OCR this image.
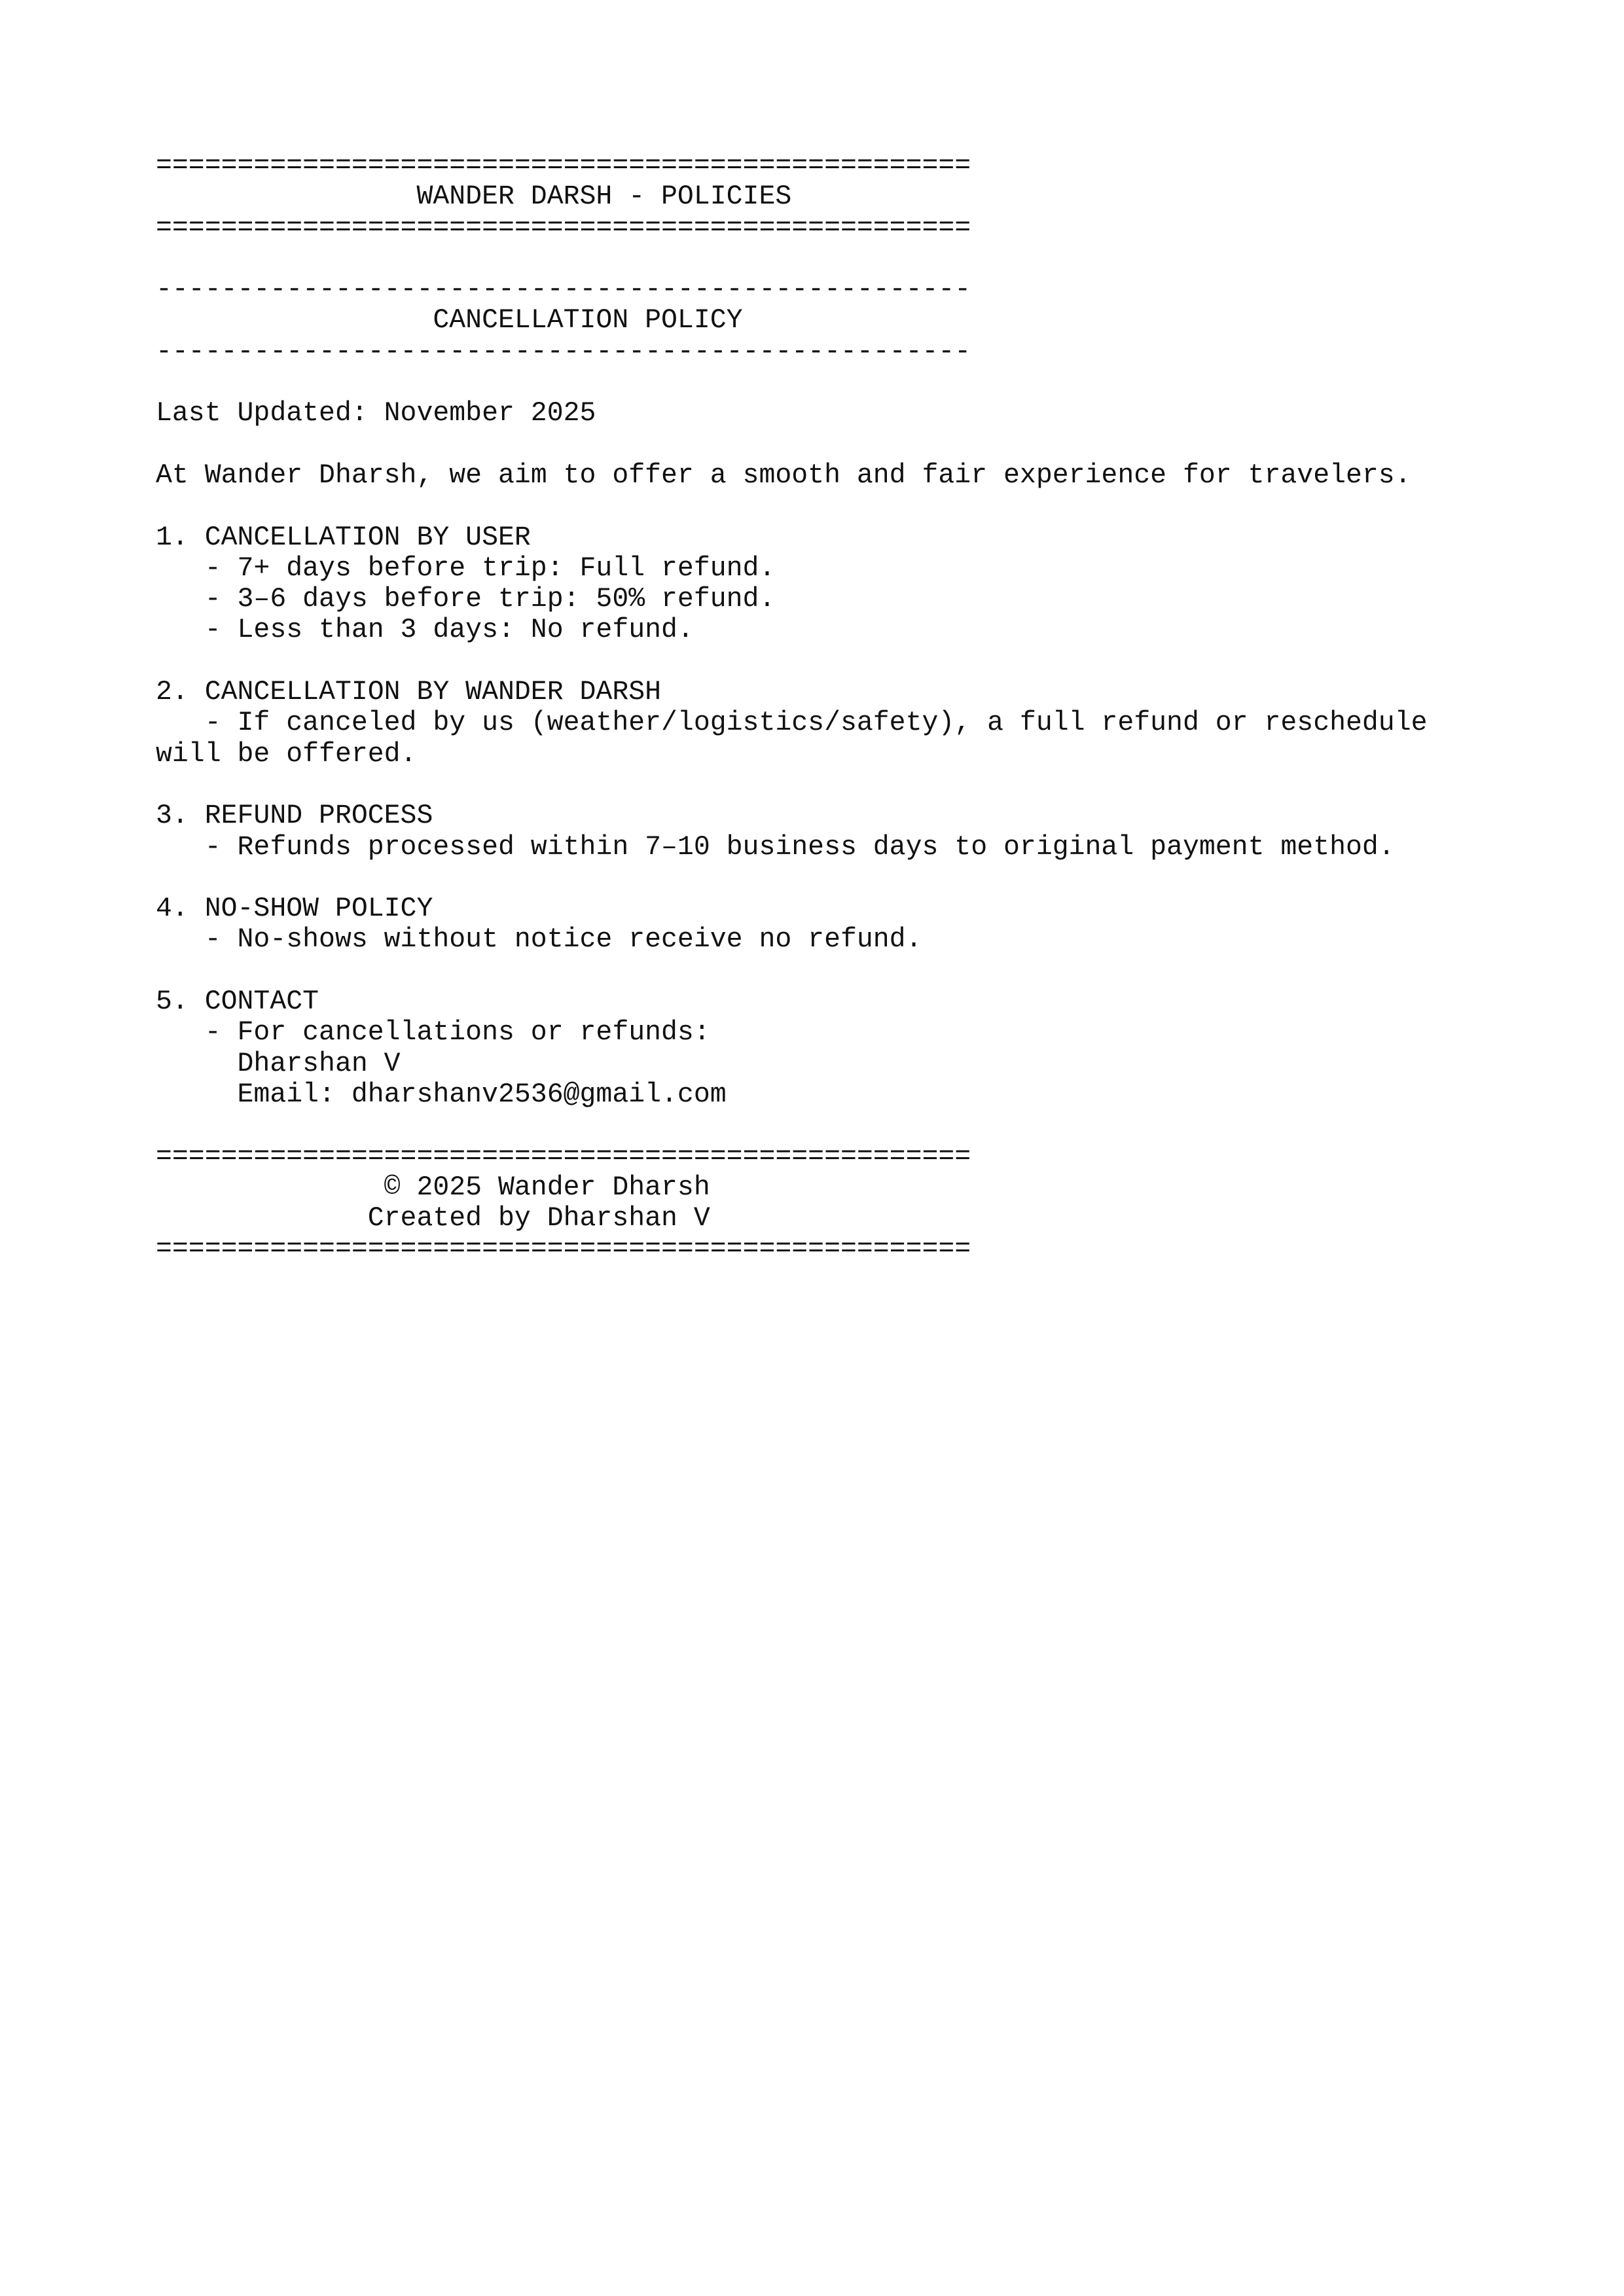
==================================================
WANDER DARSH - POLICIES
==================================================
--------------------------------------------------
CANCELLATION POLICY
--------------------------------------------------
Last Updated: November 2025
At Wander Dharsh, we aim to offer a smooth and fair experience for travelers.
1. CANCELLATION BY USER
- 7+ days before trip: Full refund.
- 3–6 days before trip: 50% refund.
- Less than 3 days: No refund.
2. CANCELLATION BY WANDER DARSH
- If canceled by us (weather/logistics/safety), a full refund or reschedule
will be offered.
3. REFUND PROCESS
- Refunds processed within 7–10 business days to original payment method.
4. NO-SHOW POLICY
- No-shows without notice receive no refund.
5. CONTACT
- For cancellations or refunds:
Dharshan V
Email: dharshanv2536@gmail.com
==================================================
© 2025 Wander Dharsh
Created by Dharshan V
==================================================
